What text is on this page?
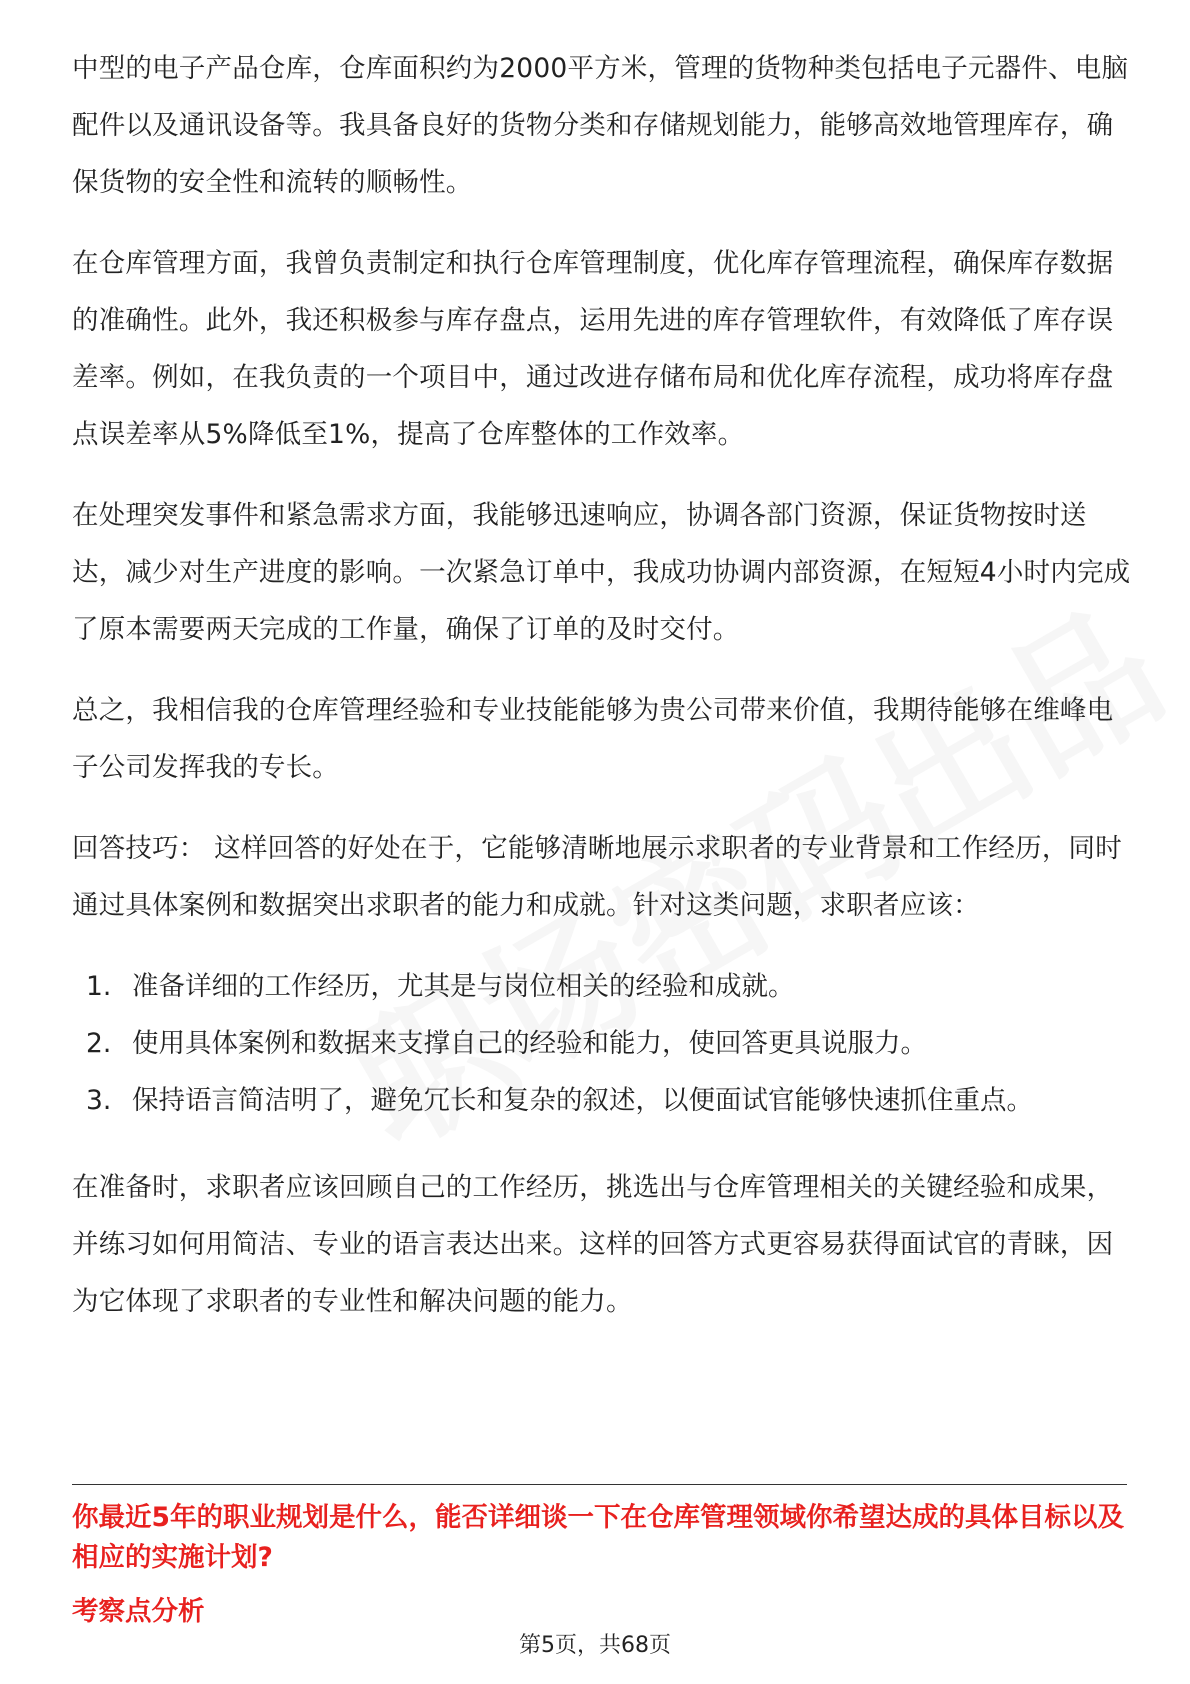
中型的电子产品仓库，仓库面积约为2000平方米，管理的货物种类包括电子元器件、电脑配件以及通讯设备等。我具备良好的货物分类和存储规划能力，能够高效地管理库存，确保货物的安全性和流转的顺畅性。

在仓库管理方面，我曾负责制定和执行仓库管理制度，优化库存管理流程，确保库存数据的准确性。此外，我还积极参与库存盘点，运用先进的库存管理软件，有效降低了库存误差率。例如，在我负责的一个项目中，通过改进存储布局和优化库存流程，成功将库存盘点误差率从5%降低至1%，提高了仓库整体的工作效率。

在处理突发事件和紧急需求方面，我能够迅速响应，协调各部门资源，保证货物按时送达，减少对生产进度的影响。一次紧急订单中，我成功协调内部资源，在短短4小时内完成了原本需要两天完成的工作量，确保了订单的及时交付。

总之，我相信我的仓库管理经验和专业技能能够为贵公司带来价值，我期待能够在维峰电子公司发挥我的专长。

回答技巧： 这样回答的好处在于，它能够清晰地展示求职者的专业背景和工作经历，同时通过具体案例和数据突出求职者的能力和成就。针对这类问题，求职者应该：

1. 准备详细的工作经历，尤其是与岗位相关的经验和成就。
2. 使用具体案例和数据来支撑自己的经验和能力，使回答更具说服力。
3. 保持语言简洁明了，避免冗长和复杂的叙述，以便面试官能够快速抓住重点。

在准备时，求职者应该回顾自己的工作经历，挑选出与仓库管理相关的关键经验和成果，并练习如何用简洁、专业的语言表达出来。这样的回答方式更容易获得面试官的青睐，因为它体现了求职者的专业性和解决问题的能力。

你最近5年的职业规划是什么，能否详细谈一下在仓库管理领域你希望达成的具体目标以及相应的实施计划?

考察点分析

第5页，共68页
